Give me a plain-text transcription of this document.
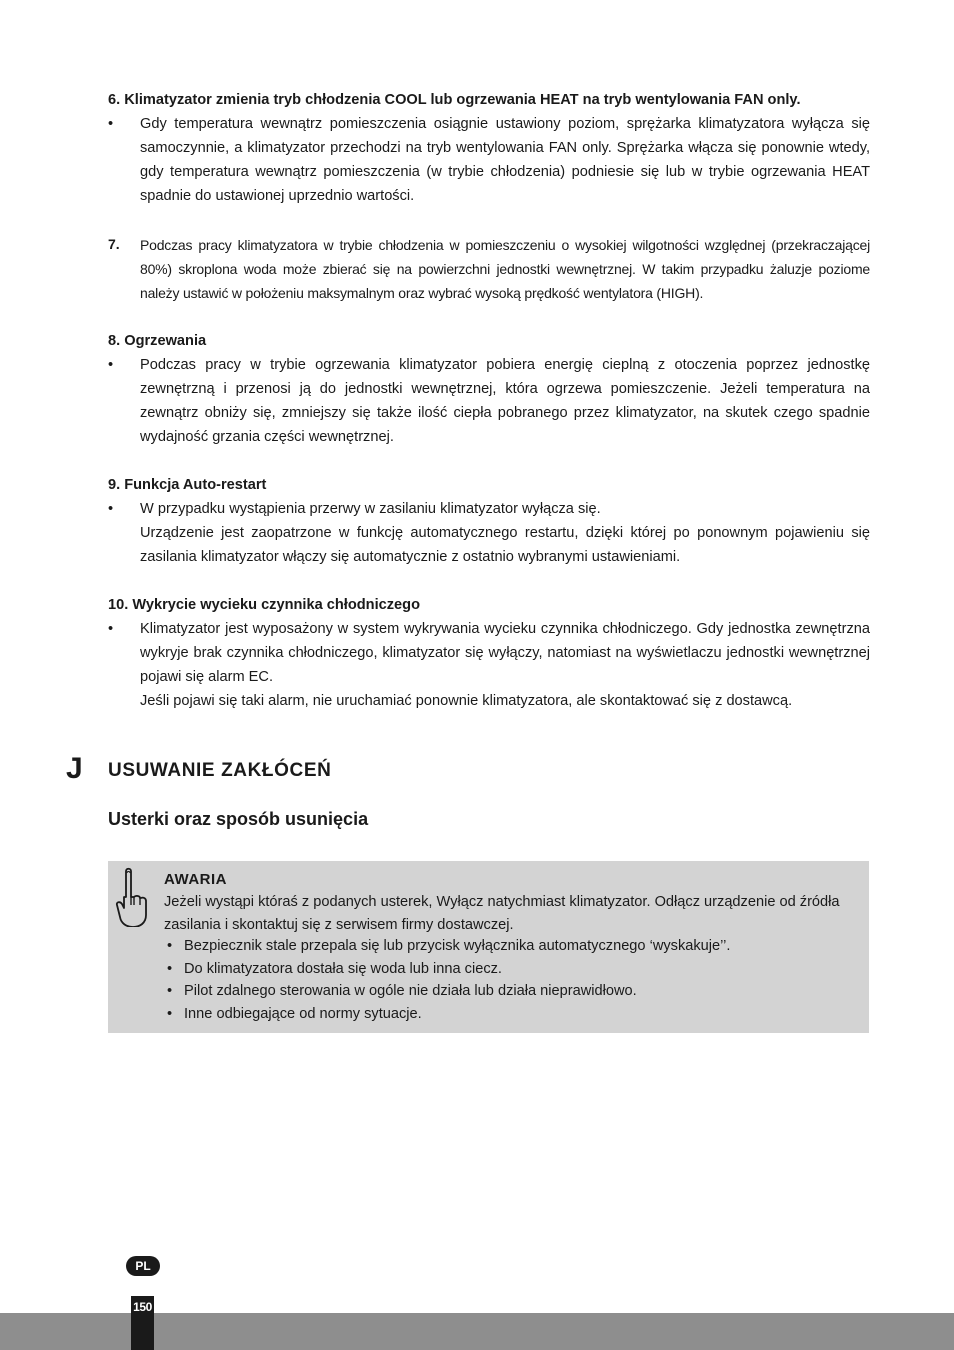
6. Klimatyzator zmienia tryb chłodzenia COOL lub ogrzewania HEAT na tryb wentylowania FAN only.
• Gdy temperatura wewnątrz pomieszczenia osiągnie ustawiony poziom, sprężarka klimatyzatora wyłącza się samoczynnie, a klimatyzator przechodzi na tryb wentylowania FAN only. Sprężarka włącza się ponownie wtedy, gdy temperatura wewnątrz pomieszczenia (w trybie chłodzenia) podniesie się lub w trybie ogrzewania HEAT spadnie do ustawionej uprzednio wartości.
7. Podczas pracy klimatyzatora w trybie chłodzenia w pomieszczeniu o wysokiej wilgotności względnej (przekraczającej 80%) skroplona woda może zbierać się na powierzchni jednostki wewnętrznej. W takim przypadku żaluzje poziome należy ustawić w położeniu maksymalnym oraz wybrać wysoką prędkość wentylatora (HIGH).
8. Ogrzewania
• Podczas pracy w trybie ogrzewania klimatyzator pobiera energię cieplną z otoczenia poprzez jednostkę zewnętrzną i przenosi ją do jednostki wewnętrznej, która ogrzewa pomieszczenie. Jeżeli temperatura na zewnątrz obniży się, zmniejszy się także ilość ciepła pobranego przez klimatyzator, na skutek czego spadnie wydajność grzania części wewnętrznej.
9. Funkcja Auto-restart
• W przypadku wystąpienia przerwy w zasilaniu klimatyzator wyłącza się.
Urządzenie jest zaopatrzone w funkcję automatycznego restartu, dzięki której po ponownym pojawieniu się zasilania klimatyzator włączy się automatycznie z ostatnio wybranymi ustawieniami.
10. Wykrycie wycieku czynnika chłodniczego
• Klimatyzator jest wyposażony w system wykrywania wycieku czynnika chłodniczego. Gdy jednostka zewnętrzna wykryje brak czynnika chłodniczego, klimatyzator się wyłączy, natomiast na wyświetlaczu jednostki wewnętrznej pojawi się alarm EC.
Jeśli pojawi się taki alarm, nie uruchamiać ponownie klimatyzatora, ale skontaktować się z dostawcą.
J USUWANIE ZAKŁÓCEŃ
Usterki oraz sposób usunięcia
AWARIA
Jeżeli wystąpi któraś z podanych usterek, Wyłącz natychmiast klimatyzator. Odłącz urządzenie od źródła zasilania i skontaktuj się z serwisem firmy dostawczej.
• Bezpiecznik stale przepala się lub przycisk wyłącznika automatycznego ‘wyskakuje’’.
• Do klimatyzatora dostała się woda lub inna ciecz.
• Pilot zdalnego sterowania w ogóle nie działa lub działa nieprawidłowo.
• Inne odbiegające od normy sytuacje.
PL
150
